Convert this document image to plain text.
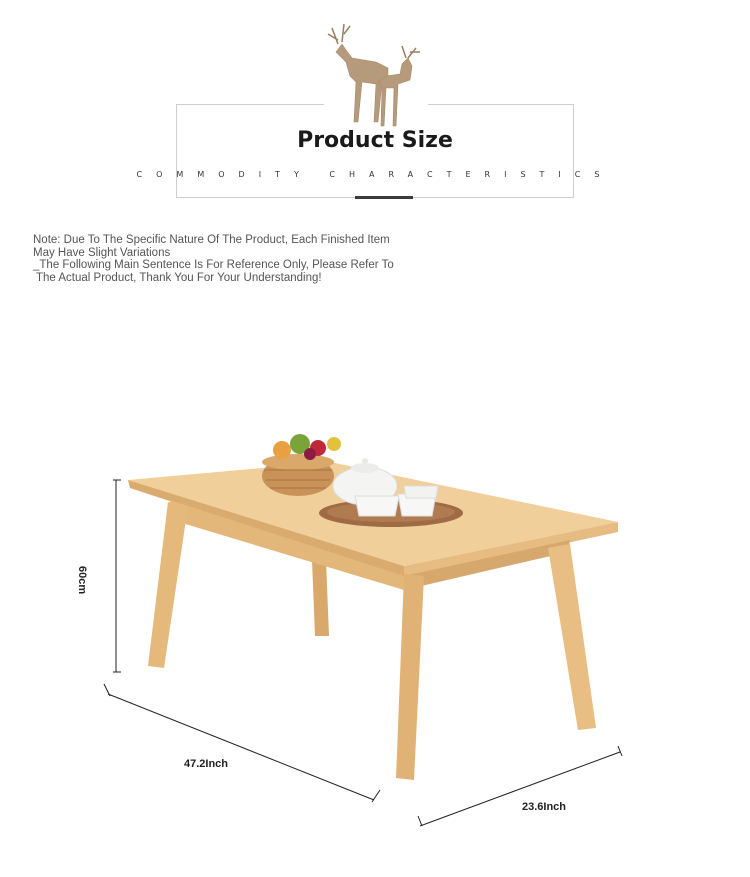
Product Size
COMMODITY CHARACTERISTICS
Note: Due To The Specific Nature Of The Product, Each Finished Item
May Have Slight Variations
_The Following Main Sentence Is For Reference Only, Please Refer To
The Actual Product, Thank You For Your Understanding!
60cm
47.2Inch
23.6Inch
